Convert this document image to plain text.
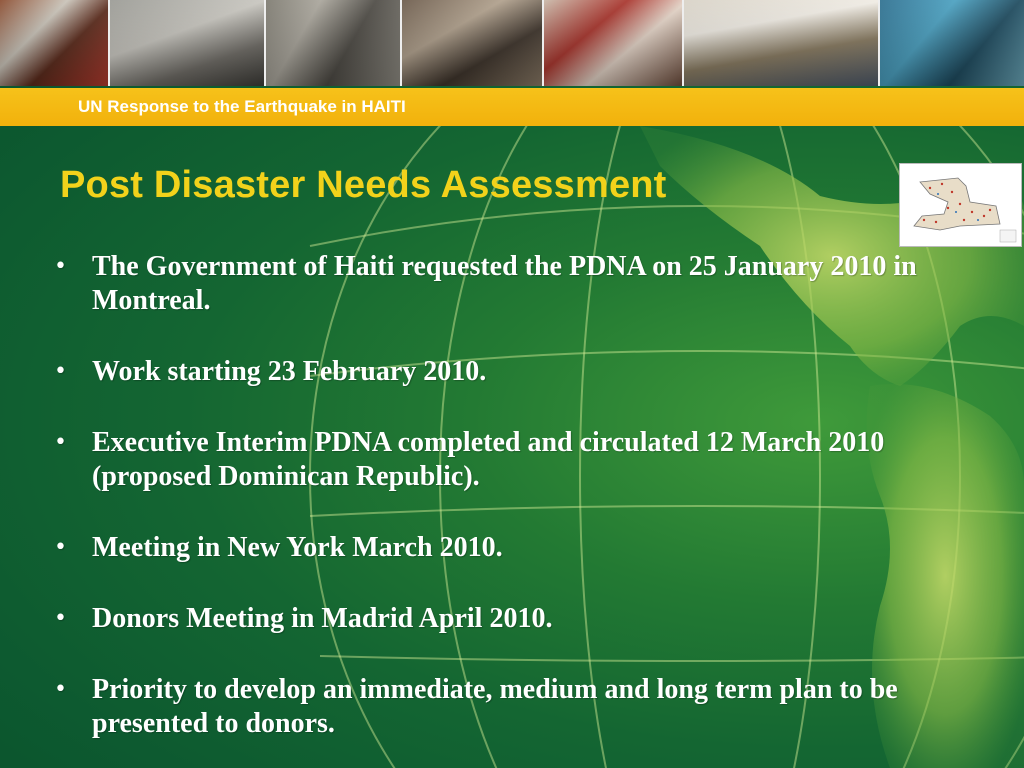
UN Response to the Earthquake in HAITI
Post Disaster Needs Assessment
• The Government of Haiti requested the PDNA on 25 January 2010 in Montreal.
• Work starting 23 February 2010.
• Executive Interim PDNA completed and circulated 12 March 2010 (proposed Dominican Republic).
• Meeting in New York March 2010.
• Donors Meeting in Madrid April 2010.
• Priority to develop an immediate, medium and long term plan to be presented to donors.
